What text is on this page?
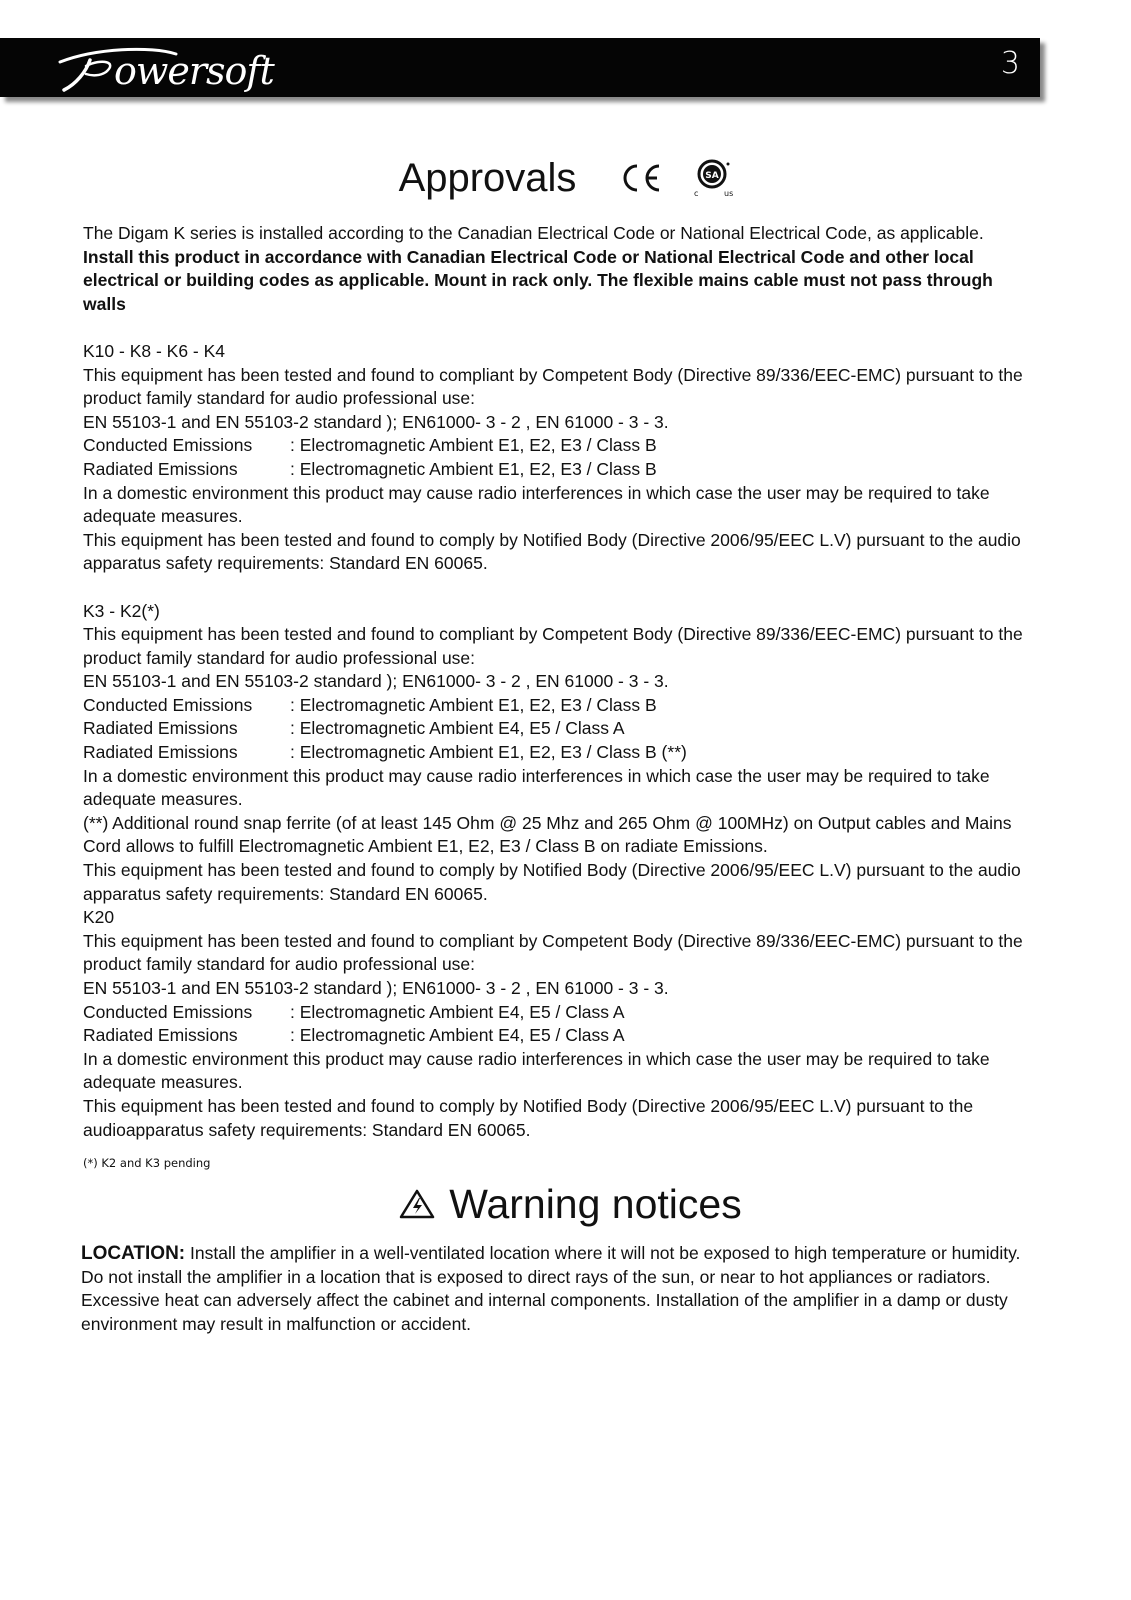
owersoft	3
Approvals	SA
c	us

The Digam K series is installed according to the Canadian Electrical Code or National Electrical Code, as applicable.

Install this product in accordance with Canadian Electrical Code or National Electrical Code and other local electrical or building codes as applicable. Mount in rack only. The flexible mains cable must not pass through walls

K10 - K8 - K6 - K4

This equipment has been tested and found to compliant by Competent Body (Directive 89/336/EEC-EMC) pursuant to the product family standard for audio professional use:

EN 55103-1 and EN 55103-2 standard ); EN61000- 3 - 2 , EN 61000 - 3 - 3.

Conducted Emissions	: Electromagnetic Ambient E1, E2, E3 / Class B
Radiated Emissions	: Electromagnetic Ambient E1, E2, E3 / Class B

In a domestic environment this product may cause radio interferences in which case the user may be required to take adequate measures.

This equipment has been tested and found to comply by Notified Body (Directive 2006/95/EEC L.V) pursuant to the audio apparatus safety requirements: Standard EN 60065.

K3 - K2(*)

This equipment has been tested and found to compliant by Competent Body (Directive 89/336/EEC-EMC) pursuant to the product family standard for audio professional use:

EN 55103-1 and EN 55103-2 standard ); EN61000- 3 - 2 , EN 61000 - 3 - 3.

Conducted Emissions	: Electromagnetic Ambient E1, E2, E3 / Class B
Radiated Emissions	: Electromagnetic Ambient E4, E5 / Class A
Radiated Emissions	: Electromagnetic Ambient E1, E2, E3 / Class B (**)

In a domestic environment this product may cause radio interferences in which case the user may be required to take adequate measures.

(**) Additional round snap ferrite (of at least 145 Ohm @ 25 Mhz and 265 Ohm @ 100MHz) on Output cables and Mains Cord allows to fulfill Electromagnetic Ambient E1, E2, E3 / Class B on radiate Emissions.

This equipment has been tested and found to comply by Notified Body (Directive 2006/95/EEC L.V) pursuant to the audio apparatus safety requirements: Standard EN 60065.

K20

This equipment has been tested and found to compliant by Competent Body (Directive 89/336/EEC-EMC) pursuant to the product family standard for audio professional use:

EN 55103-1 and EN 55103-2 standard ); EN61000- 3 - 2 , EN 61000 - 3 - 3.

Conducted Emissions	: Electromagnetic Ambient E4, E5 / Class A
Radiated Emissions	: Electromagnetic Ambient E4, E5 / Class A

In a domestic environment this product may cause radio interferences in which case the user may be required to take adequate measures.

This equipment has been tested and found to comply by Notified Body (Directive 2006/95/EEC L.V) pursuant to the audioapparatus safety requirements: Standard EN 60065.

(*) K2 and K3 pending
Warning notices

LOCATION: Install the amplifier in a well-ventilated location where it will not be exposed to high temperature or humidity. Do not install the amplifier in a location that is exposed to direct rays of the sun, or near to hot appliances or radiators. Excessive heat can adversely affect the cabinet and internal components. Installation of the amplifier in a damp or dusty environment may result in malfunction or accident.
